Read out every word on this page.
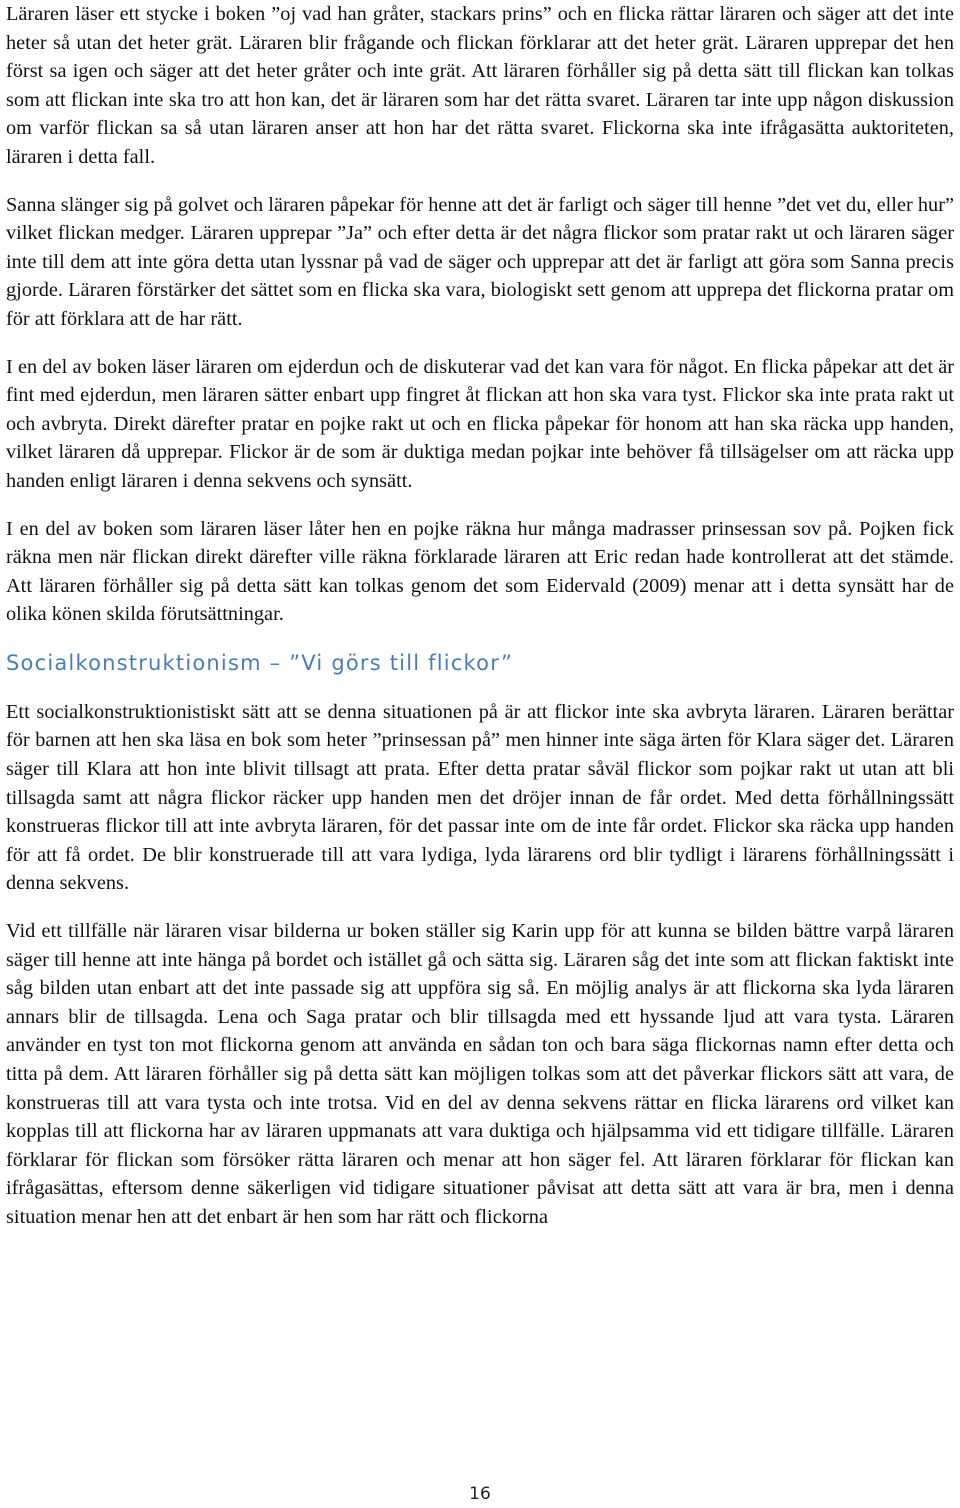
Läraren läser ett stycke i boken ”oj vad han gråter, stackars prins” och en flicka rättar läraren och säger att det inte heter så utan det heter grät. Läraren blir frågande och flickan förklarar att det heter grät. Läraren upprepar det hen först sa igen och säger att det heter gråter och inte grät. Att läraren förhåller sig på detta sätt till flickan kan tolkas som att flickan inte ska tro att hon kan, det är läraren som har det rätta svaret. Läraren tar inte upp någon diskussion om varför flickan sa så utan läraren anser att hon har det rätta svaret. Flickorna ska inte ifrågasätta auktoriteten, läraren i detta fall.

Sanna slänger sig på golvet och läraren påpekar för henne att det är farligt och säger till henne ”det vet du, eller hur” vilket flickan medger. Läraren upprepar ”Ja” och efter detta är det några flickor som pratar rakt ut och läraren säger inte till dem att inte göra detta utan lyssnar på vad de säger och upprepar att det är farligt att göra som Sanna precis gjorde. Läraren förstärker det sättet som en flicka ska vara, biologiskt sett genom att upprepa det flickorna pratar om för att förklara att de har rätt.

I en del av boken läser läraren om ejderdun och de diskuterar vad det kan vara för något. En flicka påpekar att det är fint med ejderdun, men läraren sätter enbart upp fingret åt flickan att hon ska vara tyst. Flickor ska inte prata rakt ut och avbryta. Direkt därefter pratar en pojke rakt ut och en flicka påpekar för honom att han ska räcka upp handen, vilket läraren då upprepar. Flickor är de som är duktiga medan pojkar inte behöver få tillsägelser om att räcka upp handen enligt läraren i denna sekvens och synsätt.

I en del av boken som läraren läser låter hen en pojke räkna hur många madrasser prinsessan sov på. Pojken fick räkna men när flickan direkt därefter ville räkna förklarade läraren att Eric redan hade kontrollerat att det stämde. Att läraren förhåller sig på detta sätt kan tolkas genom det som Eidervald (2009) menar att i detta synsätt har de olika könen skilda förutsättningar.

Socialkonstruktionism – ”Vi görs till flickor”

Ett socialkonstruktionistiskt sätt att se denna situationen på är att flickor inte ska avbryta läraren. Läraren berättar för barnen att hen ska läsa en bok som heter ”prinsessan på” men hinner inte säga ärten för Klara säger det. Läraren säger till Klara att hon inte blivit tillsagt att prata. Efter detta pratar såväl flickor som pojkar rakt ut utan att bli tillsagda samt att några flickor räcker upp handen men det dröjer innan de får ordet. Med detta förhållningssätt konstrueras flickor till att inte avbryta läraren, för det passar inte om de inte får ordet. Flickor ska räcka upp handen för att få ordet. De blir konstruerade till att vara lydiga, lyda lärarens ord blir tydligt i lärarens förhållningssätt i denna sekvens.

Vid ett tillfälle när läraren visar bilderna ur boken ställer sig Karin upp för att kunna se bilden bättre varpå läraren säger till henne att inte hänga på bordet och istället gå och sätta sig. Läraren såg det inte som att flickan faktiskt inte såg bilden utan enbart att det inte passade sig att uppföra sig så. En möjlig analys är att flickorna ska lyda läraren annars blir de tillsagda. Lena och Saga pratar och blir tillsagda med ett hyssande ljud att vara tysta. Läraren använder en tyst ton mot flickorna genom att använda en sådan ton och bara säga flickornas namn efter detta och titta på dem. Att läraren förhåller sig på detta sätt kan möjligen tolkas som att det påverkar flickors sätt att vara, de konstrueras till att vara tysta och inte trotsa. Vid en del av denna sekvens rättar en flicka lärarens ord vilket kan kopplas till att flickorna har av läraren uppmanats att vara duktiga och hjälpsamma vid ett tidigare tillfälle. Läraren förklarar för flickan som försöker rätta läraren och menar att hon säger fel. Att läraren förklarar för flickan kan ifrågasättas, eftersom denne säkerligen vid tidigare situationer påvisat att detta sätt att vara är bra, men i denna situation menar hen att det enbart är hen som har rätt och flickorna

16
